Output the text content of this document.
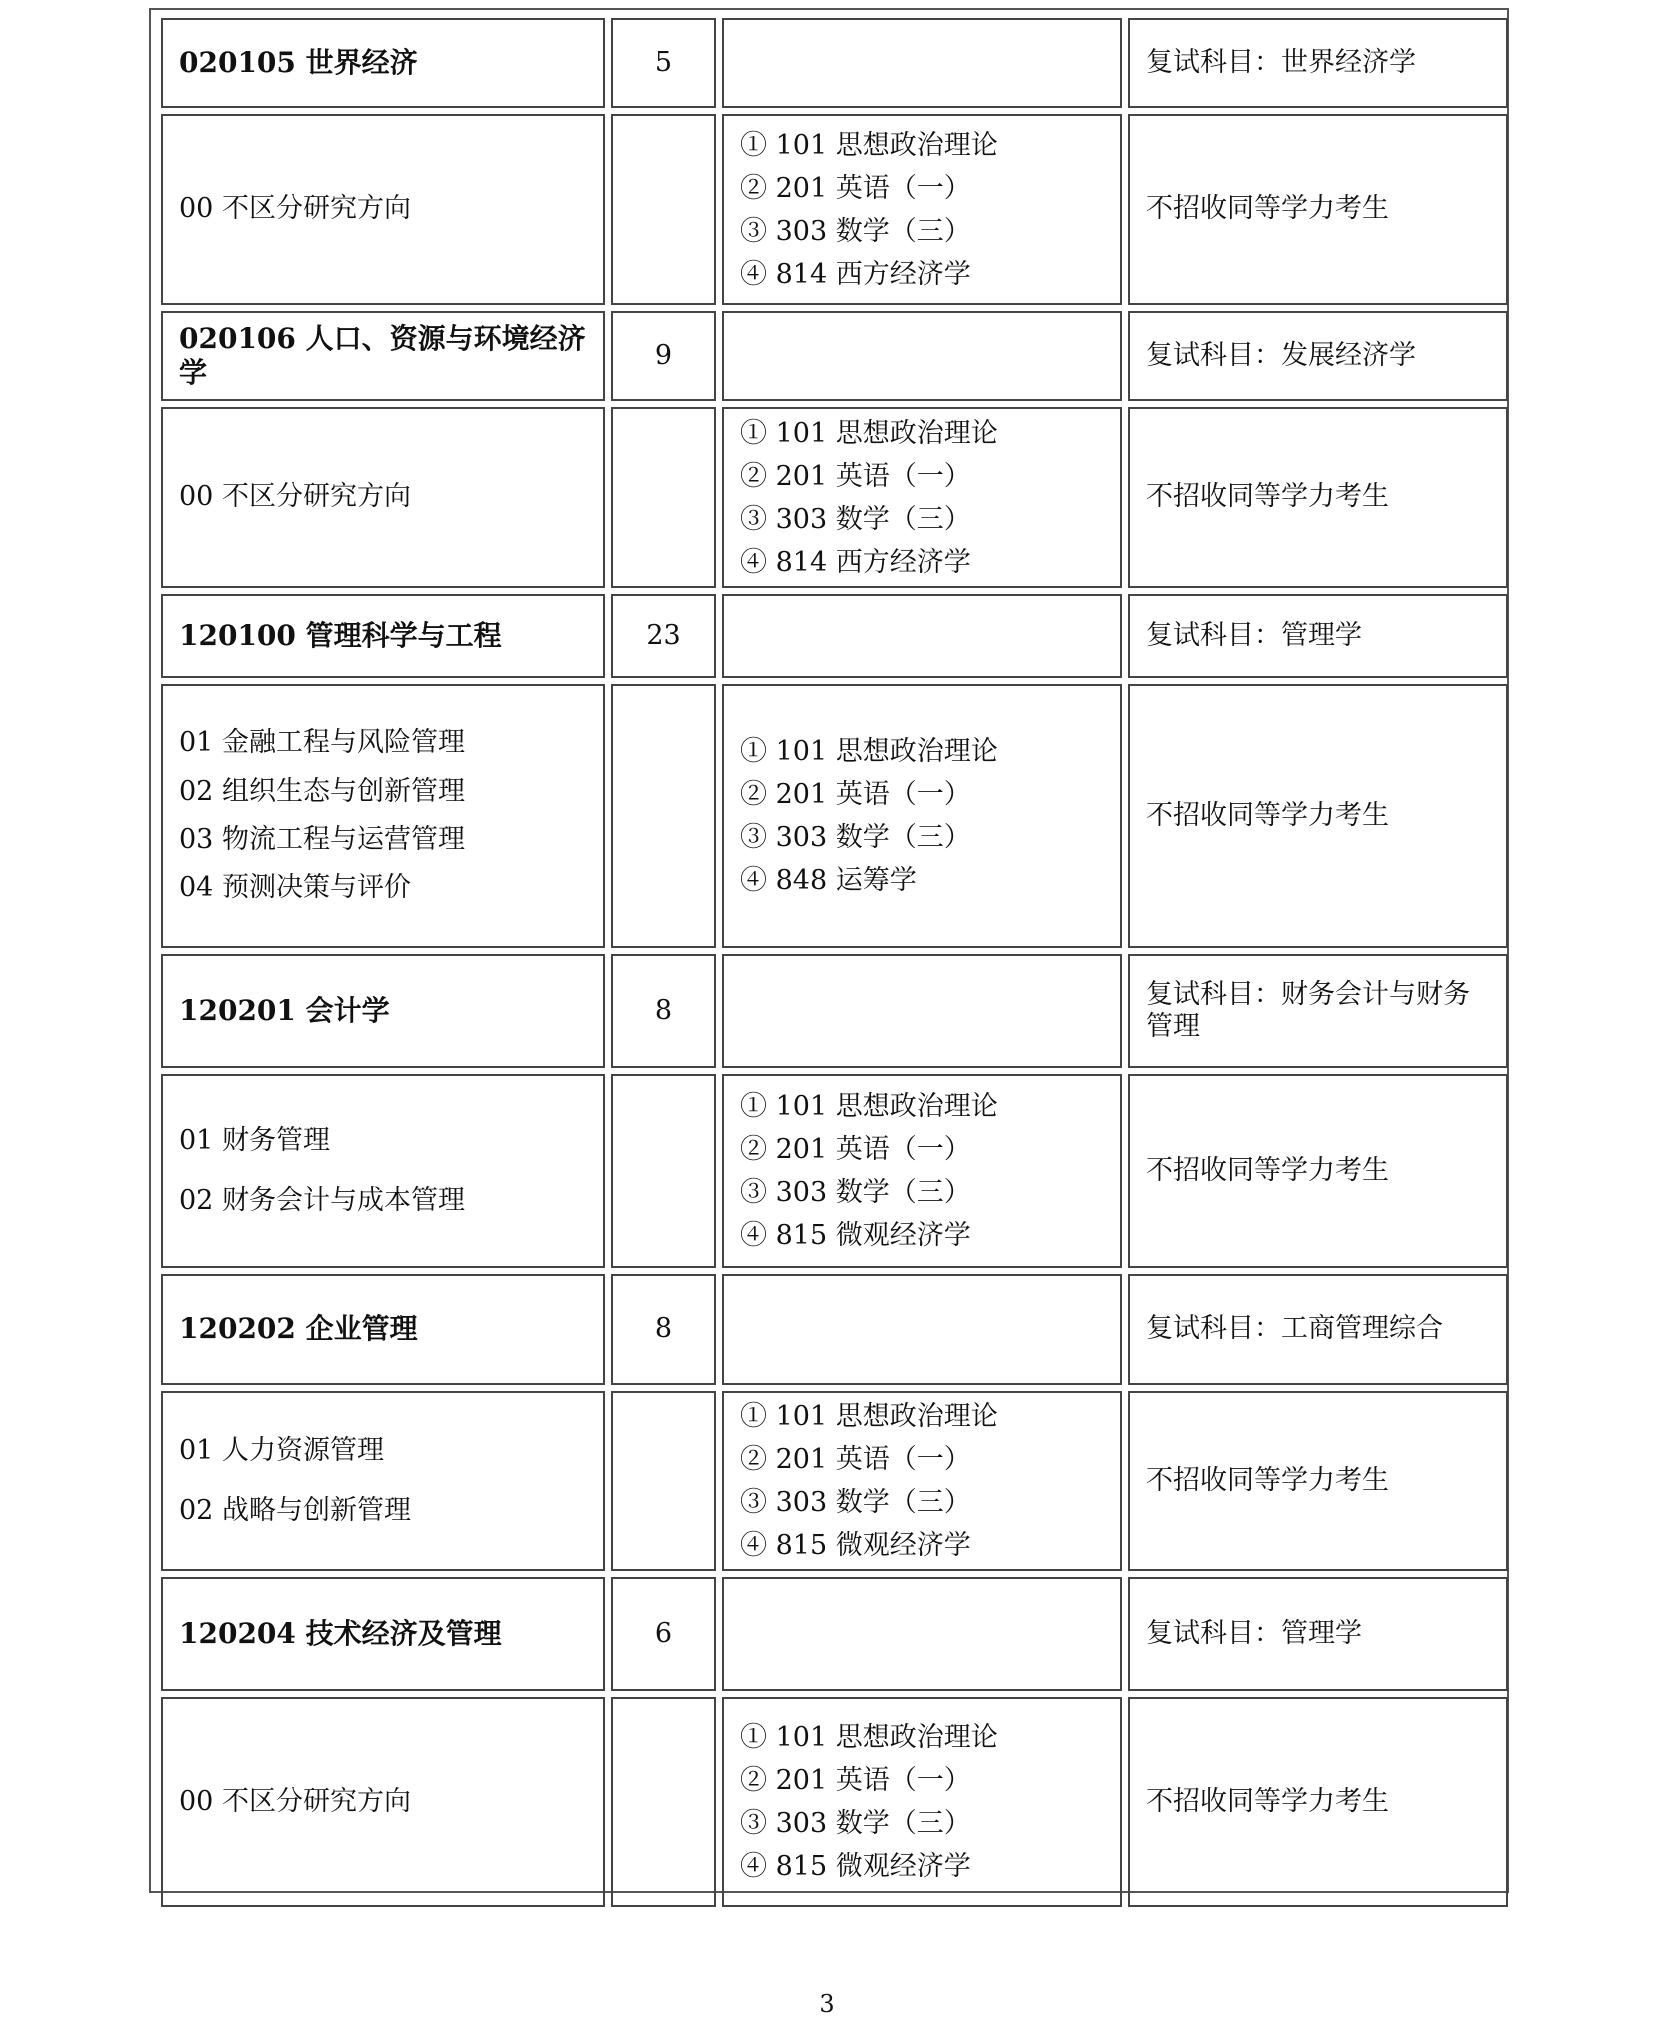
020105 世界经济	5		复试科目：世界经济学

00 不区分研究方向		① 101 思想政治理论
② 201 英语（一）
③ 303 数学（三）
④ 814 西方经济学	不招收同等学力考生
020106 人口、资源与环境经济学	9		复试科目：发展经济学

00 不区分研究方向		① 101 思想政治理论
② 201 英语（一）
③ 303 数学（三）
④ 814 西方经济学	不招收同等学力考生
120100 管理科学与工程	23		复试科目：管理学

01 金融工程与风险管理
02 组织生态与创新管理
03 物流工程与运营管理
04 预测决策与评价		① 101 思想政治理论
② 201 英语（一）
③ 303 数学（三）
④ 848 运筹学	不招收同等学力考生
120201 会计学	8		复试科目：财务会计与财务管理

01 财务管理
02 财务会计与成本管理		① 101 思想政治理论
② 201 英语（一）
③ 303 数学（三）
④ 815 微观经济学	不招收同等学力考生
120202 企业管理	8		复试科目：工商管理综合

01 人力资源管理
02 战略与创新管理		① 101 思想政治理论
② 201 英语（一）
③ 303 数学（三）
④ 815 微观经济学	不招收同等学力考生
120204 技术经济及管理	6		复试科目：管理学

00 不区分研究方向		① 101 思想政治理论
② 201 英语（一）
③ 303 数学（三）
④ 815 微观经济学	不招收同等学力考生
3
